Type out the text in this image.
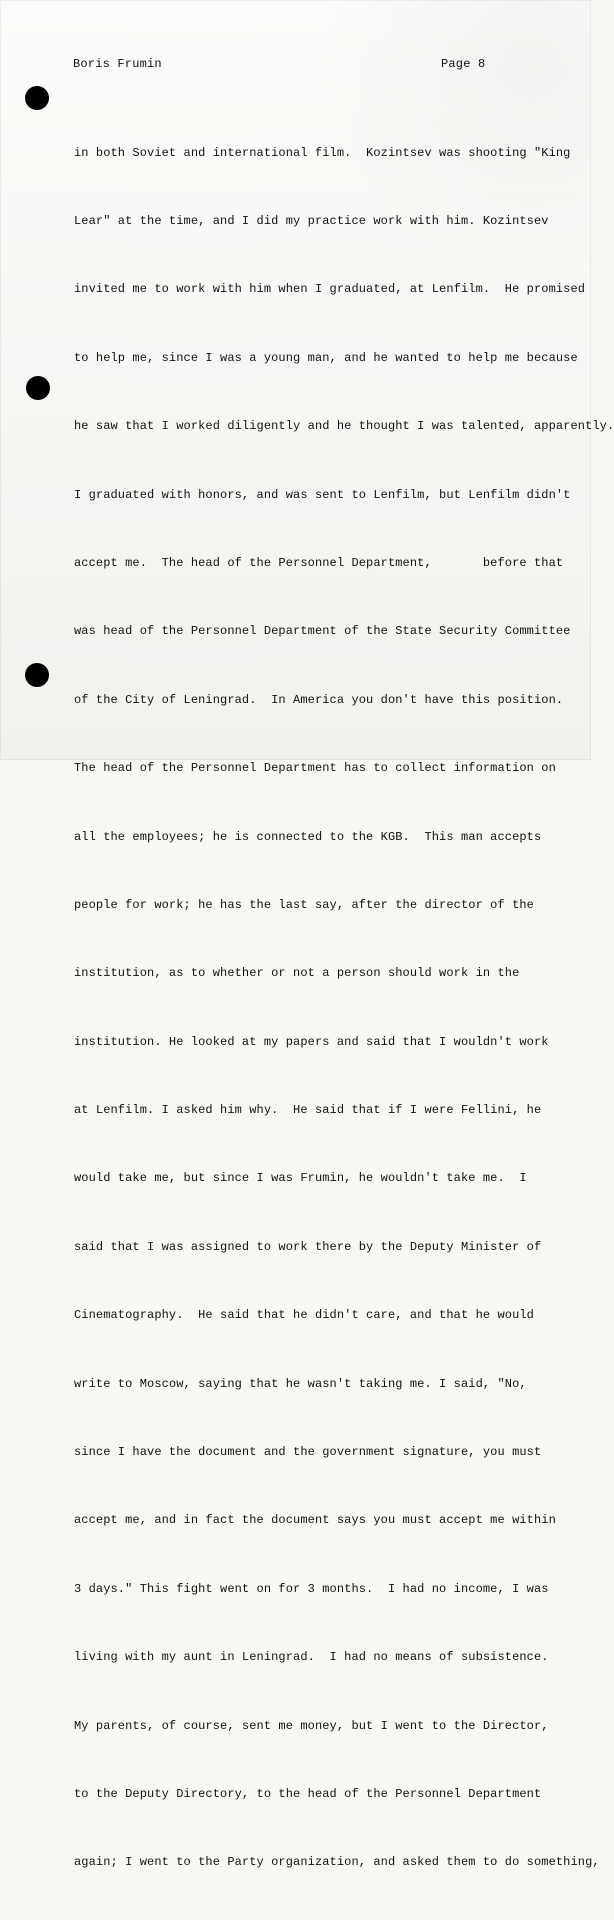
Boris Frumin	Page 8

in both Soviet and international film.  Kozintsev was shooting "King

Lear" at the time, and I did my practice work with him. Kozintsev

invited me to work with him when I graduated, at Lenfilm.  He promised

to help me, since I was a young man, and he wanted to help me because

he saw that I worked diligently and he thought I was talented, apparently.

I graduated with honors, and was sent to Lenfilm, but Lenfilm didn't

accept me.  The head of the Personnel Department,       before that

was head of the Personnel Department of the State Security Committee

of the City of Leningrad.  In America you don't have this position.

The head of the Personnel Department has to collect information on

all the employees; he is connected to the KGB.  This man accepts

people for work; he has the last say, after the director of the

institution, as to whether or not a person should work in the

institution. He looked at my papers and said that I wouldn't work

at Lenfilm. I asked him why.  He said that if I were Fellini, he

would take me, but since I was Frumin, he wouldn't take me.  I

said that I was assigned to work there by the Deputy Minister of

Cinematography.  He said that he didn't care, and that he would

write to Moscow, saying that he wasn't taking me. I said, "No,

since I have the document and the government signature, you must

accept me, and in fact the document says you must accept me within

3 days." This fight went on for 3 months.  I had no income, I was

living with my aunt in Leningrad.  I had no means of subsistence.

My parents, of course, sent me money, but I went to the Director,

to the Deputy Directory, to the head of the Personnel Department

again; I went to the Party organization, and asked them to do something,
